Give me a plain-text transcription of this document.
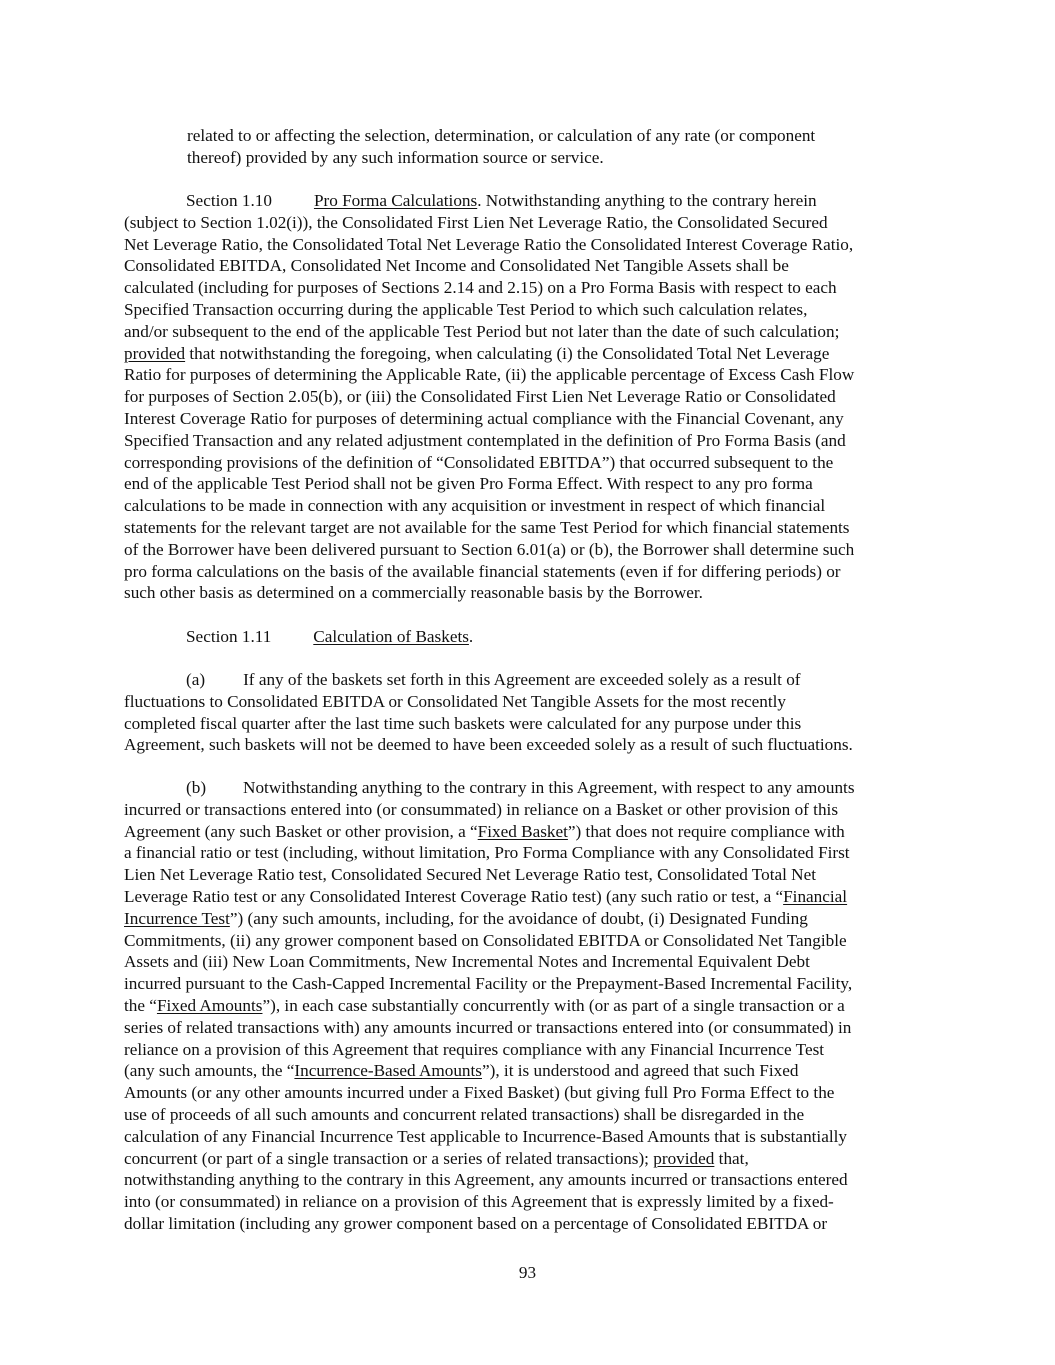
related to or affecting the selection, determination, or calculation of any rate (or component
thereof) provided by any such information source or service.
Section 1.10 Pro Forma Calculations. Notwithstanding anything to the contrary herein
(subject to Section 1.02(i)), the Consolidated First Lien Net Leverage Ratio, the Consolidated Secured
Net Leverage Ratio, the Consolidated Total Net Leverage Ratio the Consolidated Interest Coverage Ratio,
Consolidated EBITDA, Consolidated Net Income and Consolidated Net Tangible Assets shall be
calculated (including for purposes of Sections 2.14 and 2.15) on a Pro Forma Basis with respect to each
Specified Transaction occurring during the applicable Test Period to which such calculation relates,
and/or subsequent to the end of the applicable Test Period but not later than the date of such calculation;
provided that notwithstanding the foregoing, when calculating (i) the Consolidated Total Net Leverage
Ratio for purposes of determining the Applicable Rate, (ii) the applicable percentage of Excess Cash Flow
for purposes of Section 2.05(b), or (iii) the Consolidated First Lien Net Leverage Ratio or Consolidated
Interest Coverage Ratio for purposes of determining actual compliance with the Financial Covenant, any
Specified Transaction and any related adjustment contemplated in the definition of Pro Forma Basis (and
corresponding provisions of the definition of “Consolidated EBITDA”) that occurred subsequent to the
end of the applicable Test Period shall not be given Pro Forma Effect. With respect to any pro forma
calculations to be made in connection with any acquisition or investment in respect of which financial
statements for the relevant target are not available for the same Test Period for which financial statements
of the Borrower have been delivered pursuant to Section 6.01(a) or (b), the Borrower shall determine such
pro forma calculations on the basis of the available financial statements (even if for differing periods) or
such other basis as determined on a commercially reasonable basis by the Borrower.
Section 1.11 Calculation of Baskets.
(a) If any of the baskets set forth in this Agreement are exceeded solely as a result of
fluctuations to Consolidated EBITDA or Consolidated Net Tangible Assets for the most recently
completed fiscal quarter after the last time such baskets were calculated for any purpose under this
Agreement, such baskets will not be deemed to have been exceeded solely as a result of such fluctuations.
(b) Notwithstanding anything to the contrary in this Agreement, with respect to any amounts
incurred or transactions entered into (or consummated) in reliance on a Basket or other provision of this
Agreement (any such Basket or other provision, a “Fixed Basket”) that does not require compliance with
a financial ratio or test (including, without limitation, Pro Forma Compliance with any Consolidated First
Lien Net Leverage Ratio test, Consolidated Secured Net Leverage Ratio test, Consolidated Total Net
Leverage Ratio test or any Consolidated Interest Coverage Ratio test) (any such ratio or test, a “Financial
Incurrence Test”) (any such amounts, including, for the avoidance of doubt, (i) Designated Funding
Commitments, (ii) any grower component based on Consolidated EBITDA or Consolidated Net Tangible
Assets and (iii) New Loan Commitments, New Incremental Notes and Incremental Equivalent Debt
incurred pursuant to the Cash-Capped Incremental Facility or the Prepayment-Based Incremental Facility,
the “Fixed Amounts”), in each case substantially concurrently with (or as part of a single transaction or a
series of related transactions with) any amounts incurred or transactions entered into (or consummated) in
reliance on a provision of this Agreement that requires compliance with any Financial Incurrence Test
(any such amounts, the “Incurrence-Based Amounts”), it is understood and agreed that such Fixed
Amounts (or any other amounts incurred under a Fixed Basket) (but giving full Pro Forma Effect to the
use of proceeds of all such amounts and concurrent related transactions) shall be disregarded in the
calculation of any Financial Incurrence Test applicable to Incurrence-Based Amounts that is substantially
concurrent (or part of a single transaction or a series of related transactions); provided that,
notwithstanding anything to the contrary in this Agreement, any amounts incurred or transactions entered
into (or consummated) in reliance on a provision of this Agreement that is expressly limited by a fixed-
dollar limitation (including any grower component based on a percentage of Consolidated EBITDA or
93
